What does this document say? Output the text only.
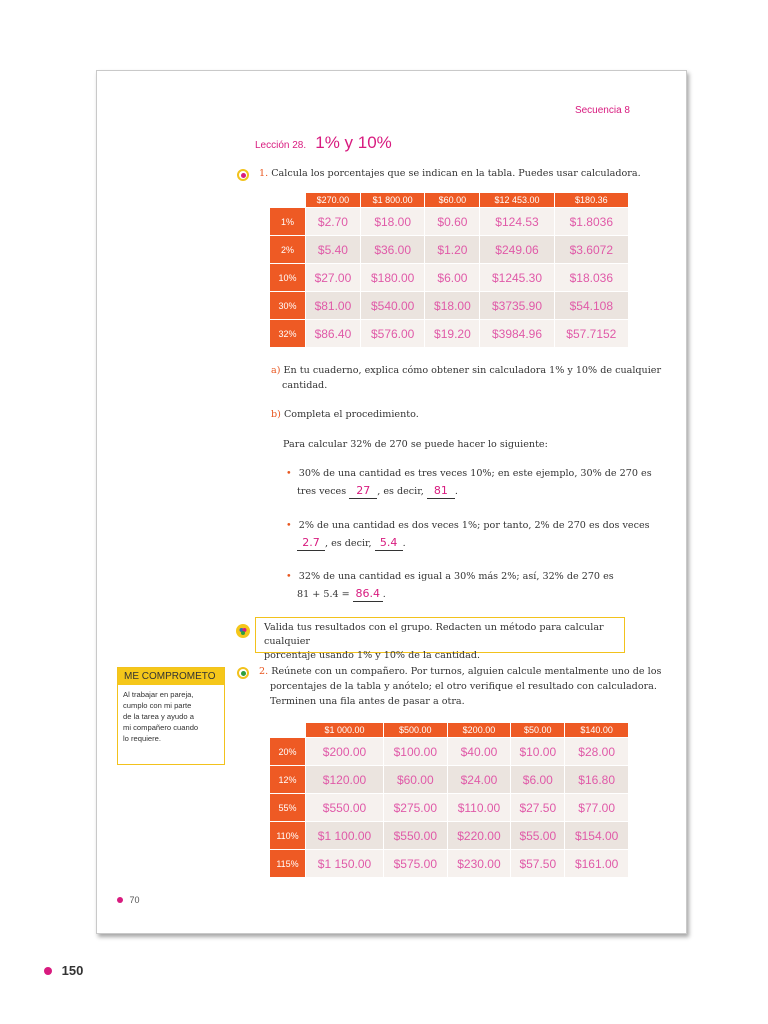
Secuencia 8
Lección 28. 1% y 10%
1. Calcula los porcentajes que se indican en la tabla. Puedes usar calculadora.
	$270.00	$1 800.00	$60.00	$12 453.00	$180.36
1%	$2.70	$18.00	$0.60	$124.53	$1.8036
2%	$5.40	$36.00	$1.20	$249.06	$3.6072
10%	$27.00	$180.00	$6.00	$1245.30	$18.036
30%	$81.00	$540.00	$18.00	$3735.90	$54.108
32%	$86.40	$576.00	$19.20	$3984.96	$57.7152
a) En tu cuaderno, explica cómo obtener sin calculadora 1% y 10% de cualquier
cantidad.
b) Completa el procedimiento.
Para calcular 32% de 270 se puede hacer lo siguiente:
• 30% de una cantidad es tres veces 10%; en este ejemplo, 30% de 270 es
tres veces 27 , es decir, 81 .
• 2% de una cantidad es dos veces 1%; por tanto, 2% de 270 es dos veces
2.7 , es decir, 5.4 .
• 32% de una cantidad es igual a 30% más 2%; así, 32% de 270 es
81 + 5.4 = 86.4 .
Valida tus resultados con el grupo. Redacten un método para calcular cualquier
porcentaje usando 1% y 10% de la cantidad.
ME COMPROMETO
Al trabajar en pareja,
cumplo con mi parte
de la tarea y ayudo a
mi compañero cuando
lo requiere.
2. Reúnete con un compañero. Por turnos, alguien calcule mentalmente uno de los
porcentajes de la tabla y anótelo; el otro verifique el resultado con calculadora.
Terminen una fila antes de pasar a otra.
	$1 000.00	$500.00	$200.00	$50.00	$140.00
20%	$200.00	$100.00	$40.00	$10.00	$28.00
12%	$120.00	$60.00	$24.00	$6.00	$16.80
55%	$550.00	$275.00	$110.00	$27.50	$77.00
110%	$1 100.00	$550.00	$220.00	$55.00	$154.00
115%	$1 150.00	$575.00	$230.00	$57.50	$161.00
70
150
